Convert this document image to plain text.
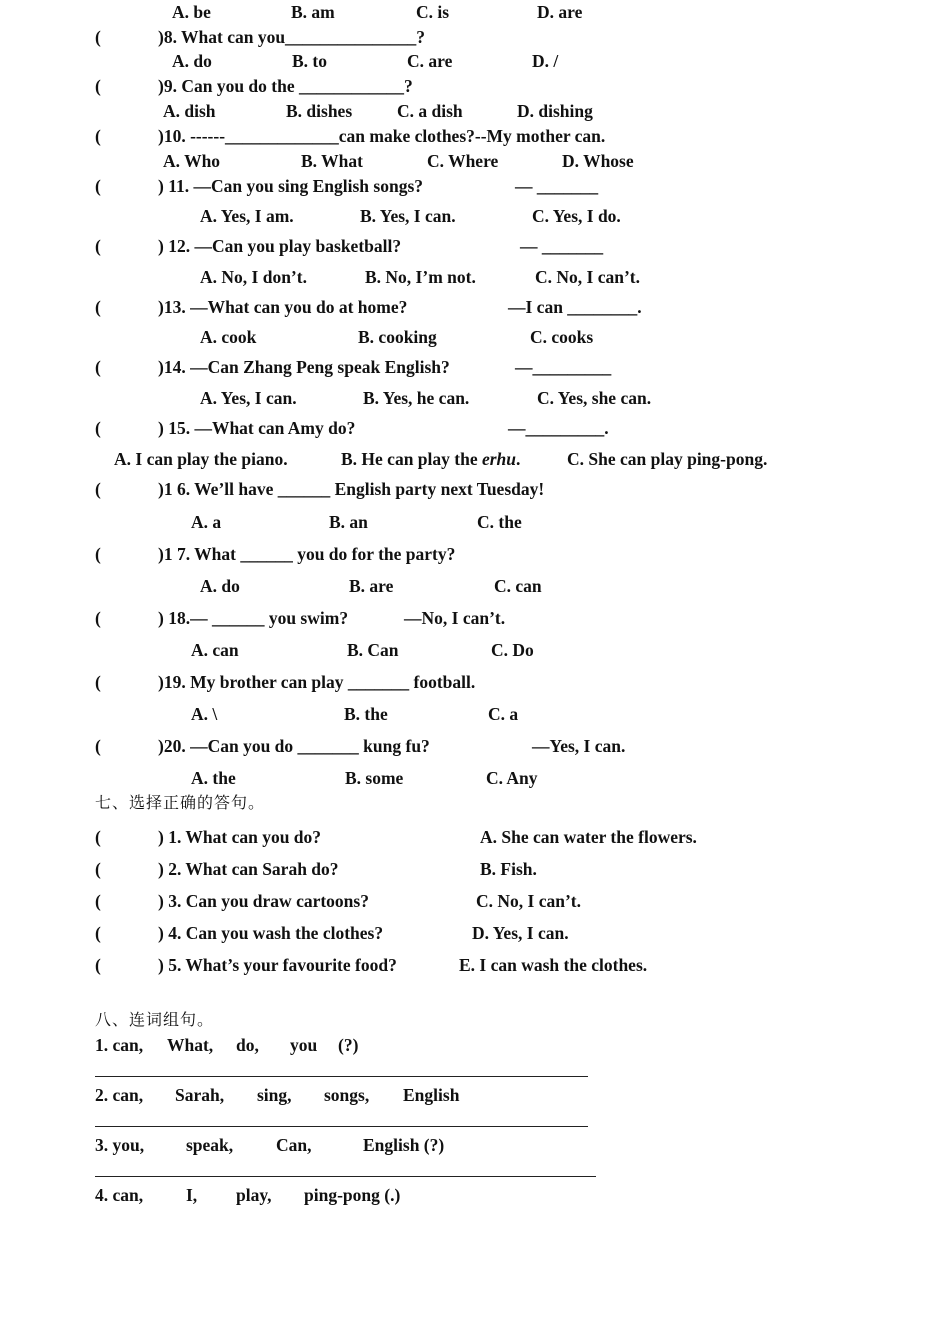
A. be	B. am	C. is	D. are
(	)8. What can you_______________?
A. do	B. to	C. are	D. /
(	)9. Can you do the ____________?
A. dish	B. dishes	C. a dish	D. dishing
(	)10. ------_____________can make clothes?--My mother can.
A. Who	B. What	C. Where	D. Whose
(	) 11. —Can you sing English songs?	— _______
A. Yes, I am.	B. Yes, I can.	C. Yes, I do.
(	) 12. —Can you play basketball?	— _______
A. No, I don’t.	B. No, I’m not.	C. No, I can’t.
(	)13. —What can you do at home?	—I can ________.
A. cook	B. cooking	C. cooks
(	)14. —Can Zhang Peng speak English?	—_________
A. Yes, I can.	B. Yes, he can.	C. Yes, she can.
(	) 15. —What can Amy do?	—_________.
A. I can play the piano.	B. He can play the erhu.	C. She can play ping-pong.
(	)1 6. We’ll have ______ English party next Tuesday!
A. a	B. an	C. the
(	)1 7. What ______ you do for the party?
A. do	B. are	C. can
(	) 18.— ______ you swim?	—No, I can’t.
A. can	B. Can	C. Do
(	)19. My brother can play _______ football.
A. \	B. the	C. a
(	)20. —Can you do _______ kung fu?	—Yes, I can.
A. the	B. some	C. Any
七、选择正确的答句。
(	) 1. What can you do?	A. She can water the flowers.
(	) 2. What can Sarah do?	B. Fish.
(	) 3. Can you draw cartoons?	C. No, I can’t.
(	) 4. Can you wash the clothes?	D. Yes, I can.
(	) 5. What’s your favourite food?	E. I can wash the clothes.
八、连词组句。
1. can, What, do, you (?)
2. can, Sarah, sing, songs, English
3. you, speak, Can,	English (?)
4. can, I, play, ping-pong (.)
